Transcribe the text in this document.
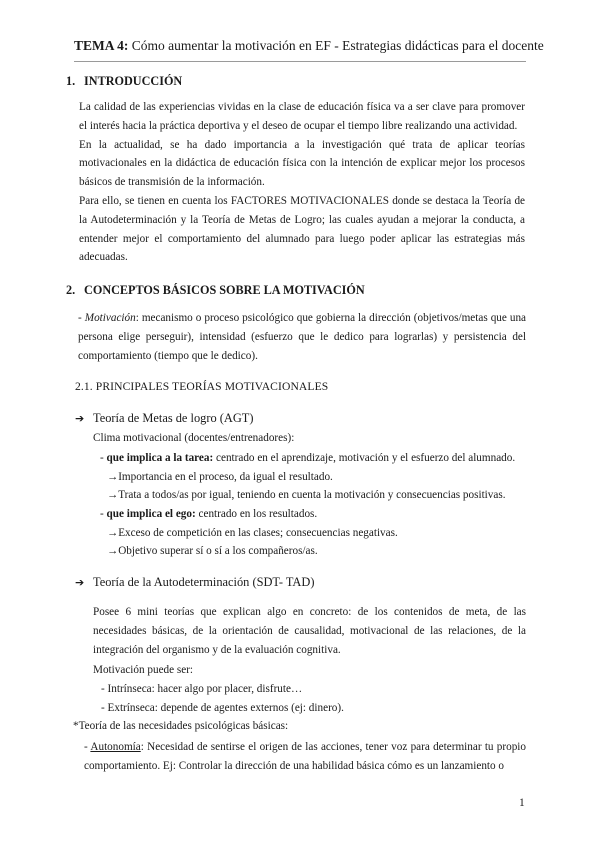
TEMA 4: Cómo aumentar la motivación en EF - Estrategias didácticas para el docente
1. INTRODUCCIÓN

La calidad de las experiencias vividas en la clase de educación física va a ser clave para promover el interés hacia la práctica deportiva y el deseo de ocupar el tiempo libre realizando una actividad.

En la actualidad, se ha dado importancia a la investigación qué trata de aplicar teorías motivacionales en la didáctica de educación física con la intención de explicar mejor los procesos básicos de transmisión de la información.

Para ello, se tienen en cuenta los FACTORES MOTIVACIONALES donde se destaca la Teoría de la Autodeterminación y la Teoría de Metas de Logro; las cuales ayudan a mejorar la conducta, a entender mejor el comportamiento del alumnado para luego poder aplicar las estrategias más adecuadas.

2. CONCEPTOS BÁSICOS SOBRE LA MOTIVACIÓN
- Motivación: mecanismo o proceso psicológico que gobierna la dirección (objetivos/metas que una persona elige perseguir), intensidad (esfuerzo que le dedico para lograrlas) y persistencia del comportamiento (tiempo que le dedico).
2.1. PRINCIPALES TEORÍAS MOTIVACIONALES
➔ Teoría de Metas de logro (AGT)
Clima motivacional (docentes/entrenadores):
- que implica a la tarea: centrado en el aprendizaje, motivación y el esfuerzo del alumnado.
→Importancia en el proceso, da igual el resultado.
→Trata a todos/as por igual, teniendo en cuenta la motivación y consecuencias positivas.
- que implica el ego: centrado en los resultados.
→Exceso de competición en las clases; consecuencias negativas.
→Objetivo superar sí o sí a los compañeros/as.
➔ Teoría de la Autodeterminación (SDT- TAD)
Posee 6 mini teorías que explican algo en concreto: de los contenidos de meta, de las necesidades básicas, de la orientación de causalidad, motivacional de las relaciones, de la integración del organismo y de la evaluación cognitiva.
Motivación puede ser:
- Intrínseca: hacer algo por placer, disfrute…
- Extrínseca: depende de agentes externos (ej: dinero).
*Teoría de las necesidades psicológicas básicas:
- Autonomía: Necesidad de sentirse el origen de las acciones, tener voz para determinar tu propio comportamiento. Ej: Controlar la dirección de una habilidad básica cómo es un lanzamiento o
1
